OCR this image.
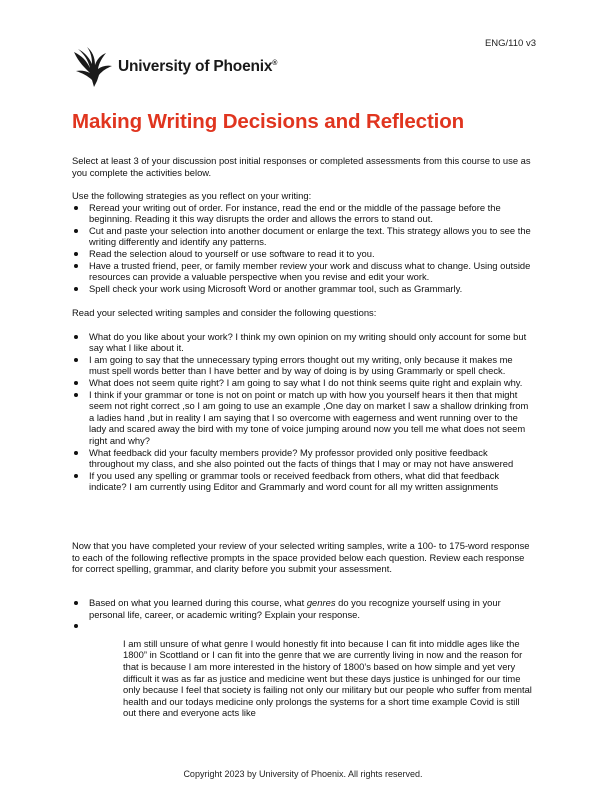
ENG/110 v3
University of Phoenix®
Making Writing Decisions and Reflection

Select at least 3 of your discussion post initial responses or completed assessments from this course to use as you complete the activities below.

Use the following strategies as you reflect on your writing:

Reread your writing out of order. For instance, read the end or the middle of the passage before the beginning. Reading it this way disrupts the order and allows the errors to stand out.
Cut and paste your selection into another document or enlarge the text. This strategy allows you to see the writing differently and identify any patterns.
Read the selection aloud to yourself or use software to read it to you.
Have a trusted friend, peer, or family member review your work and discuss what to change. Using outside resources can provide a valuable perspective when you revise and edit your work.
Spell check your work using Microsoft Word or another grammar tool, such as Grammarly.

Read your selected writing samples and consider the following questions:

What do you like about your work? I think my own opinion on my writing should only account for some but say what I like about it.
I am going to say that the unnecessary typing errors thought out my writing, only because it makes me must spell words better than I have better and by way of doing is by using Grammarly or spell check.
What does not seem quite right? I am going to say what I do not think seems quite right and explain why.
I think if your grammar or tone is not on point or match up with how you yourself hears it then that might seem not right correct ,so I am going to use an example ,One day on market I saw a shallow drinking from a ladies hand ,but in reality I am saying that I so overcome with eagerness and went running over to the lady and scared away the bird with my tone of voice jumping around now you tell me what does not seem right and why?
What feedback did your faculty members provide? My professor provided only positive feedback throughout my class, and she also pointed out the facts of things that I may or may not have answered
If you used any spelling or grammar tools or received feedback from others, what did that feedback indicate? I am currently using Editor and Grammarly and word count for all my written assignments

Now that you have completed your review of your selected writing samples, write a 100- to 175-word response to each of the following reflective prompts in the space provided below each question. Review each response for correct spelling, grammar, and clarity before you submit your assessment.

Based on what you learned during this course, what genres do you recognize yourself using in your personal life, career, or academic writing? Explain your response.

I am still unsure of what genre I would honestly fit into because I can fit into middle ages like the 1800” in Scottland or I can fit into the genre that we are currently living in now and the reason for that is because I am more interested in the history of 1800’s based on how simple and yet very difficult it was as far as justice and medicine went but these days justice is unhinged for our time only because I feel that society is failing not only our military but our people who suffer from mental health and our todays medicine only prolongs the systems for a short time example Covid is still out there and everyone acts like
Copyright 2023 by University of Phoenix. All rights reserved.
